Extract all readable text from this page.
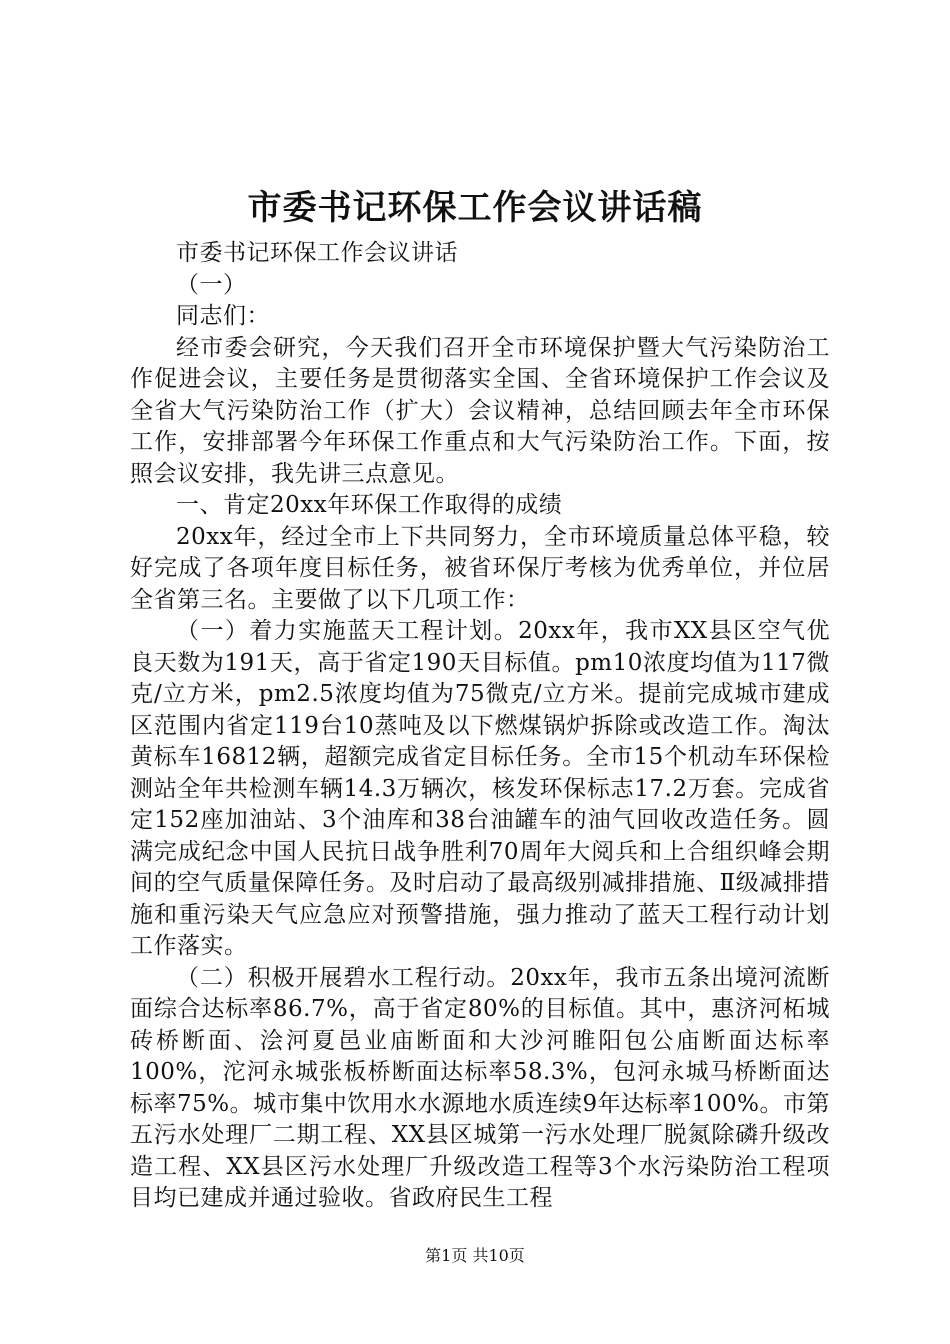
市委书记环保工作会议讲话稿

市委书记环保工作会议讲话

（一）

同志们：

经市委会研究，今天我们召开全市环境保护暨大气污染防治工作促进会议，主要任务是贯彻落实全国、全省环境保护工作会议及全省大气污染防治工作（扩大）会议精神，总结回顾去年全市环保工作，安排部署今年环保工作重点和大气污染防治工作。下面，按照会议安排，我先讲三点意见。

一、肯定20xx年环保工作取得的成绩

20xx年，经过全市上下共同努力，全市环境质量总体平稳，较好完成了各项年度目标任务，被省环保厅考核为优秀单位，并位居全省第三名。主要做了以下几项工作：

（一）着力实施蓝天工程计划。20xx年，我市XX县区空气优良天数为191天，高于省定190天目标值。pm10浓度均值为117微克/立方米，pm2.5浓度均值为75微克/立方米。提前完成城市建成区范围内省定119台10蒸吨及以下燃煤锅炉拆除或改造工作。淘汰黄标车16812辆，超额完成省定目标任务。全市15个机动车环保检测站全年共检测车辆14.3万辆次，核发环保标志17.2万套。完成省定152座加油站、3个油库和38台油罐车的油气回收改造任务。圆满完成纪念中国人民抗日战争胜利70周年大阅兵和上合组织峰会期间的空气质量保障任务。及时启动了最高级别减排措施、Ⅱ级减排措施和重污染天气应急应对预警措施，强力推动了蓝天工程行动计划工作落实。

（二）积极开展碧水工程行动。20xx年，我市五条出境河流断面综合达标率86.7%，高于省定80%的目标值。其中，惠济河柘城砖桥断面、浍河夏邑业庙断面和大沙河睢阳包公庙断面达标率100%，沱河永城张板桥断面达标率58.3%，包河永城马桥断面达标率75%。城市集中饮用水水源地水质连续9年达标率100%。市第五污水处理厂二期工程、XX县区城第一污水处理厂脱氮除磷升级改造工程、XX县区污水处理厂升级改造工程等3个水污染防治工程项目均已建成并通过验收。省政府民生工程

第1页 共10页
